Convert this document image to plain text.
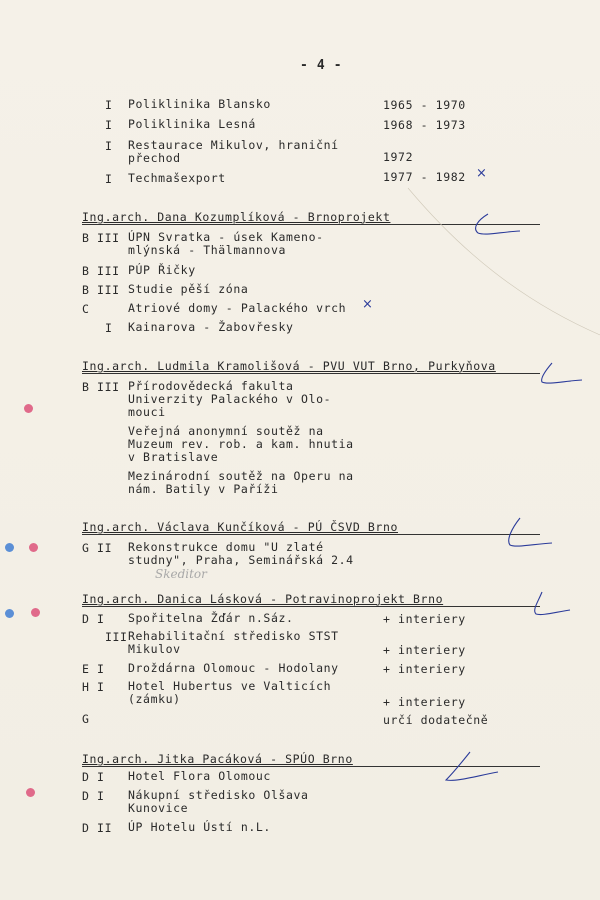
- 4 -
I Poliklinika Blansko	1965 - 1970
I Poliklinika Lesná	1968 - 1973
I Restaurace Mikulov, hraniční
přechod	1972
I Techmašexport	1977 - 1982 ×
Ing.arch. Dana Kozumplíková - Brnoprojekt
B III ÚPN Svratka - úsek Kameno-
mlýnská - Thälmannova
B III PÚP Řičky
B III Studie pěší zóna
C	Atriové domy - Palackého vrch ×
I Kainarova - Žabovřesky
Ing.arch. Ludmila Kramolišová - PVU VUT Brno, Purkyňova
B III Přírodovědecká fakulta
Univerzity Palackého v Olo-
mouci
Veřejná anonymní soutěž na
Muzeum rev. rob. a kam. hnutia
v Bratislave
Mezinárodní soutěž na Operu na
nám. Batily v Paříži
Ing.arch. Václava Kunčíková - PÚ ČSVD Brno
G II Rekonstrukce domu "U zlaté
studny", Praha, Seminářská 2.4
Skeditor
Ing.arch. Danica Lásková - Potravinoprojekt Brno
D I Spořitelna Žďár n.Sáz.	+ interiery
III Rehabilitační středisko STST
Mikulov	+ interiery
E I Droždárna Olomouc - Hodolany	+ interiery
H I Hotel Hubertus ve Valticích
(zámku)	+ interiery
G	určí dodatečně
Ing.arch. Jitka Pacáková - SPÚO Brno
D I Hotel Flora Olomouc
D I Nákupní středisko Olšava
Kunovice
D II ÚP Hotelu Ústí n.L.
